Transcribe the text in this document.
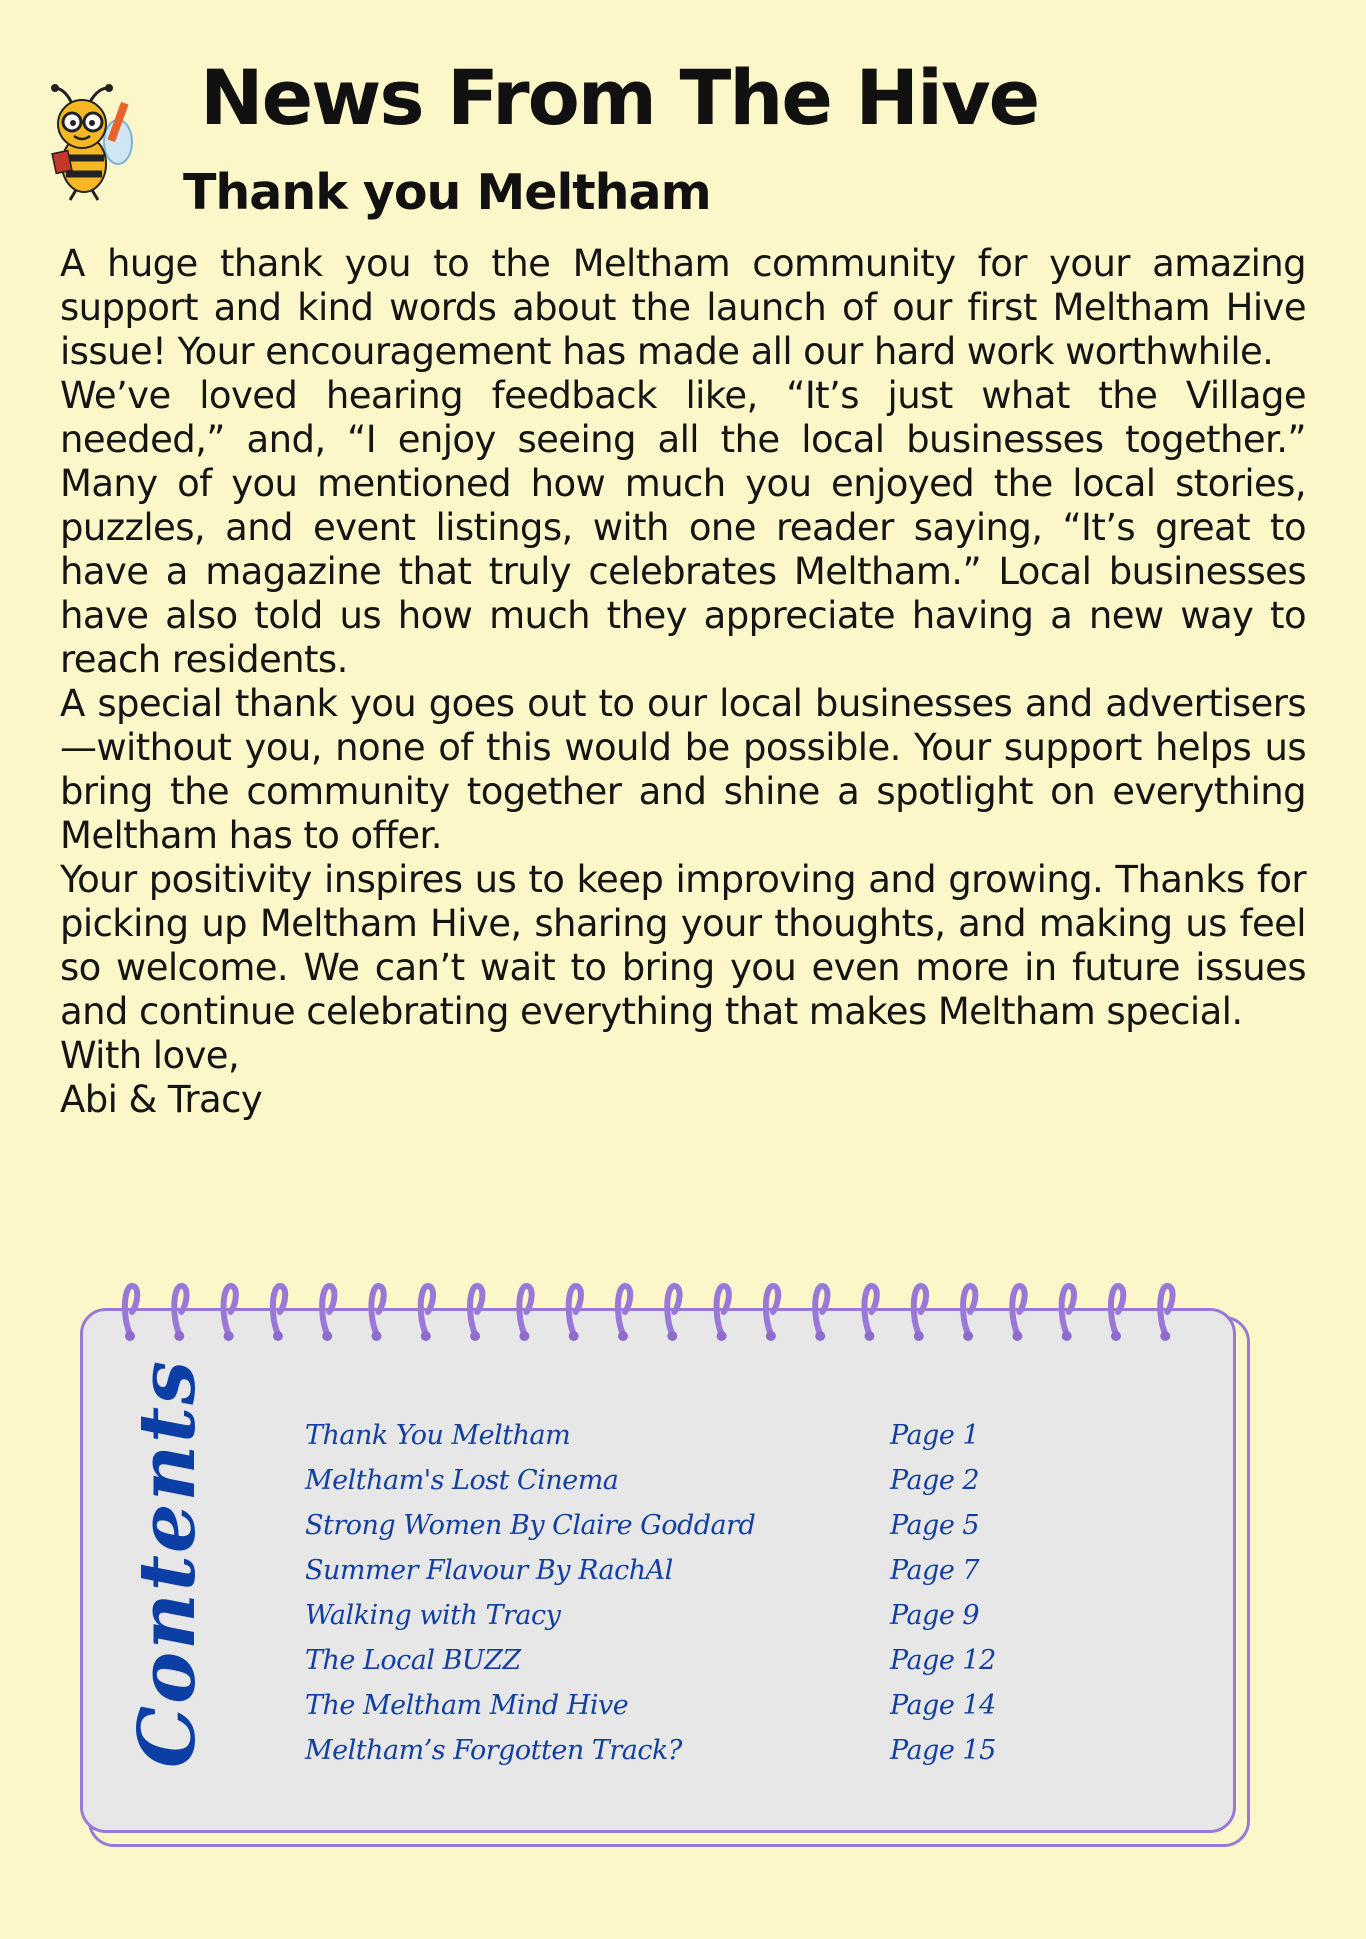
News From The Hive
Thank you Meltham

A huge thank you to the Meltham community for your amazing support and kind words about the launch of our first Meltham Hive issue! Your encouragement has made all our hard work worthwhile.

We’ve loved hearing feedback like, “It’s just what the Village needed,” and, “I enjoy seeing all the local businesses together.” Many of you mentioned how much you enjoyed the local stories, puzzles, and event listings, with one reader saying, “It’s great to have a magazine that truly celebrates Meltham.” Local businesses have also told us how much they appreciate having a new way to reach residents.

A special thank you goes out to our local businesses and advertisers—without you, none of this would be possible. Your support helps us bring the community together and shine a spotlight on everything Meltham has to offer.

Your positivity inspires us to keep improving and growing. Thanks for picking up Meltham Hive, sharing your thoughts, and making us feel so welcome. We can’t wait to bring you even more in future issues and continue celebrating everything that makes Meltham special.

With love,

Abi & Tracy

Contents	Thank You Meltham	Page 1
Meltham's Lost Cinema	Page 2
Strong Women By Claire Goddard	Page 5
Summer Flavour By RachAl	Page 7
Walking with Tracy	Page 9
The Local BUZZ	Page 12
The Meltham Mind Hive	Page 14
Meltham’s Forgotten Track?	Page 15
